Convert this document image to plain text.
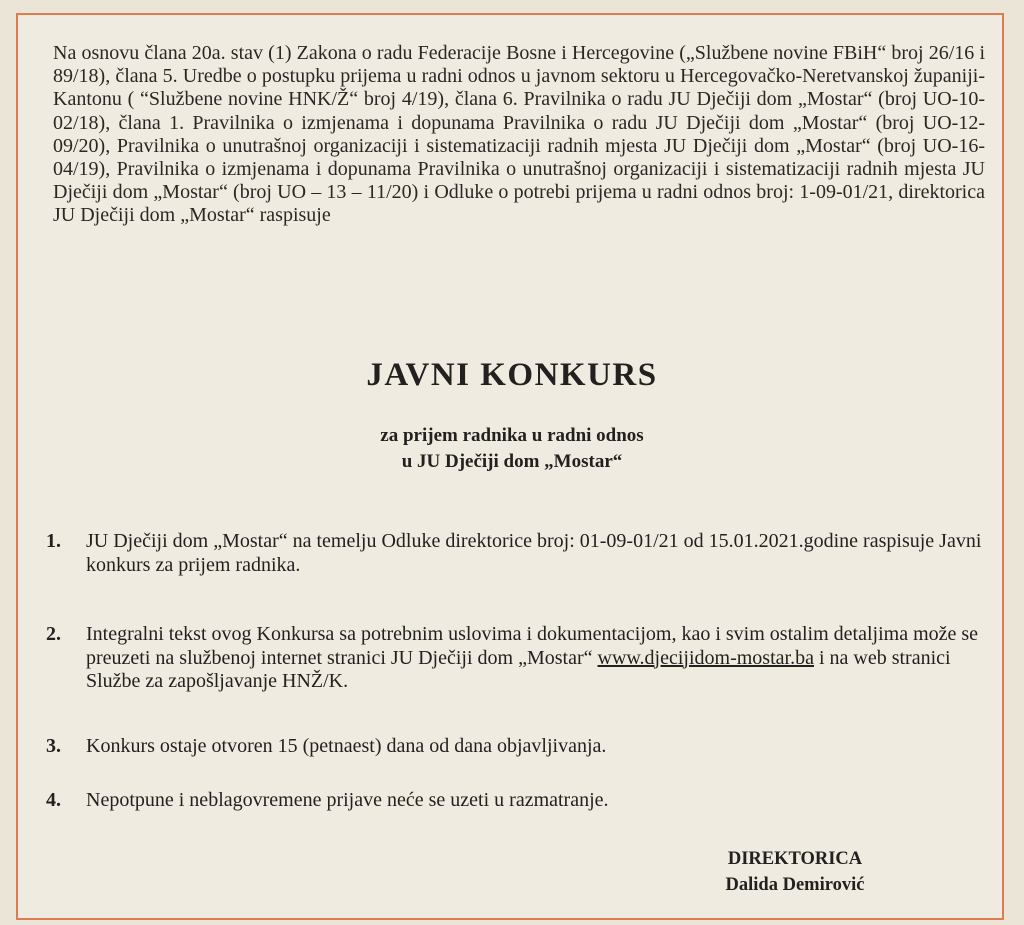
Na osnovu člana 20a. stav (1) Zakona o radu Federacije Bosne i Hercegovine („Službene novine FBiH“ broj 26/16 i 89/18), člana 5. Uredbe o postupku prijema u radni odnos u javnom sektoru u Hercegovačko-Neretvanskoj županiji-Kantonu ( “Službene novine HNK/Ž“ broj 4/19), člana 6. Pravilnika o radu JU Dječiji dom „Mostar“ (broj UO-10-02/18), člana 1. Pravilnika o izmjenama i dopunama Pravilnika o radu JU Dječiji dom „Mostar“ (broj UO-12-09/20), Pravilnika o unutrašnoj organizaciji i sistematizaciji radnih mjesta JU Dječiji dom „Mostar“ (broj UO-16-04/19), Pravilnika o izmjenama i dopunama Pravilnika o unutrašnoj organizaciji i sistematizaciji radnih mjesta JU Dječiji dom „Mostar“ (broj UO – 13 – 11/20) i Odluke o potrebi prijema u radni odnos broj: 1-09-01/21, direktorica JU Dječiji dom „Mostar“ raspisuje
JAVNI KONKURS
za prijem radnika u radni odnos
u JU Dječiji dom „Mostar“
1. JU Dječiji dom „Mostar“ na temelju Odluke direktorice broj: 01-09-01/21 od 15.01.2021.godine raspisuje Javni konkurs za prijem radnika.
2. Integralni tekst ovog Konkursa sa potrebnim uslovima i dokumentacijom, kao i svim ostalim detaljima može se preuzeti na službenoj internet stranici JU Dječiji dom „Mostar“ www.djecijidom-mostar.ba i na web stranici Službe za zapošljavanje HNŽ/K.
3. Konkurs ostaje otvoren 15 (petnaest) dana od dana objavljivanja.
4. Nepotpune i neblagovremene prijave neće se uzeti u razmatranje.
DIREKTORICA
Dalida Demirović
